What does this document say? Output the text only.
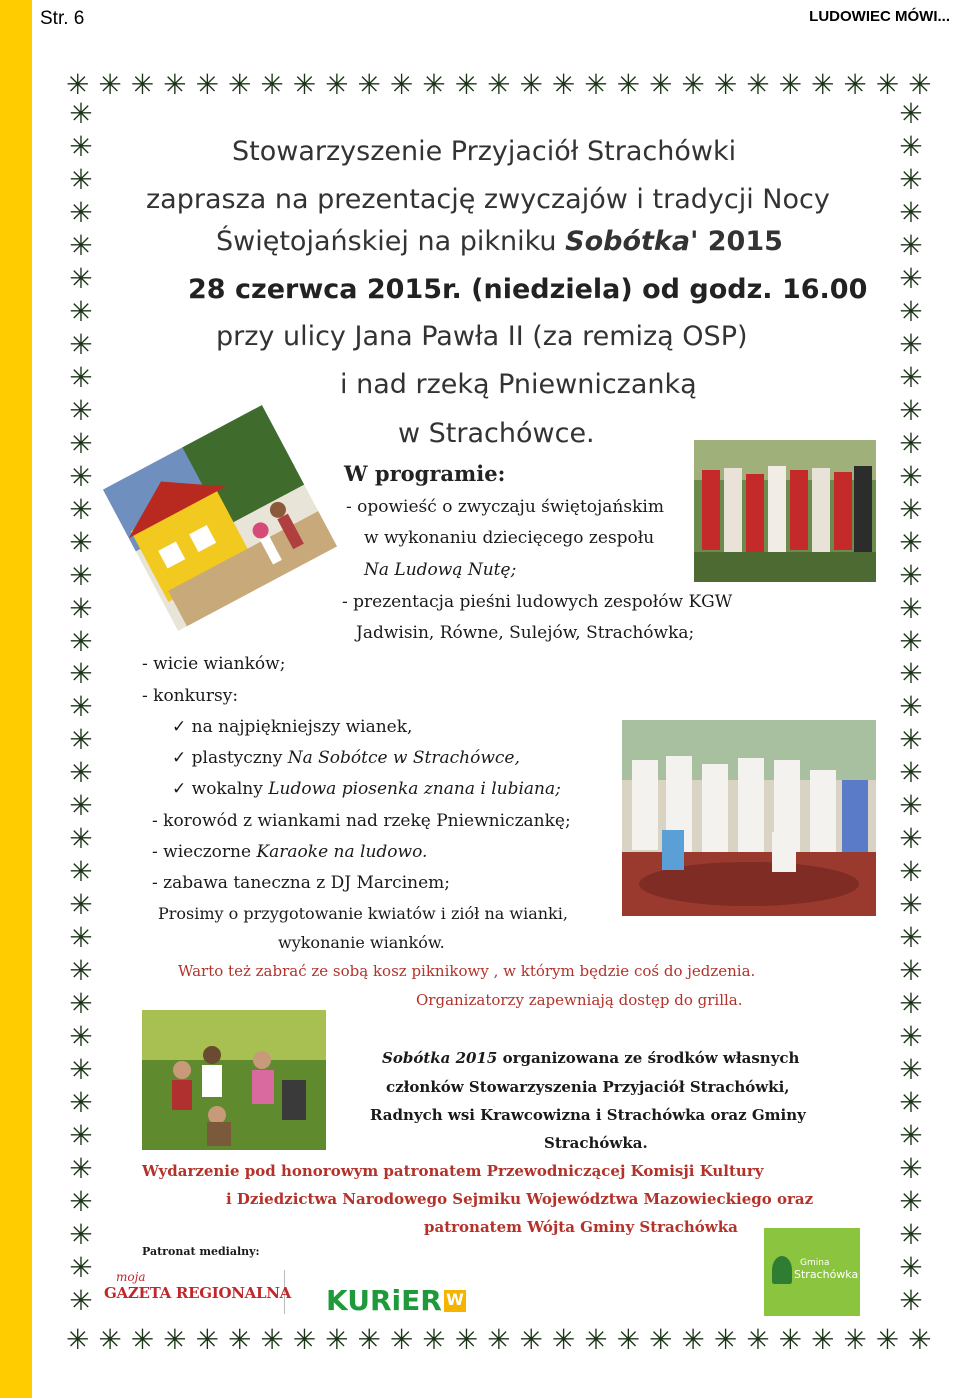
Str. 6	LUDOWIEC MÓWI...
✳ ✳ ✳ ✳ ✳ ✳ ✳ ✳ ✳ ✳ ✳ ✳ ✳ ✳ ✳ ✳ ✳ ✳ ✳ ✳ ✳ ✳ ✳ ✳ ✳ ✳ ✳
✳ ✳ ✳ ✳ ✳ ✳ ✳ ✳ ✳ ✳ ✳ ✳ ✳ ✳ ✳ ✳ ✳ ✳ ✳ ✳ ✳ ✳ ✳ ✳ ✳ ✳ ✳
✳
✳
✳
✳
✳
✳
✳
✳
✳
✳
✳
✳
✳
✳
✳
✳
✳
✳
✳
✳
✳
✳
✳
✳
✳
✳
✳
✳
✳
✳
✳
✳
✳
✳
✳
✳
✳
✳
✳
✳
✳
✳
✳
✳
✳
✳
✳
✳
✳
✳
✳
✳
✳
✳
✳
✳
✳
✳
✳
✳
✳
✳
✳
✳
✳
✳
✳
✳
✳
✳
✳
✳
✳
✳
Stowarzyszenie Przyjaciół Strachówki
zaprasza na prezentację zwyczajów i tradycji Nocy
Świętojańskiej na pikniku Sobótka' 2015
28 czerwca 2015r. (niedziela) od godz. 16.00
przy ulicy Jana Pawła II (za remizą OSP)
i nad rzeką Pniewniczanką
w Strachówce.
W programie:
- opowieść o zwyczaju świętojańskim
w wykonaniu dziecięcego zespołu
Na Ludową Nutę;
- prezentacja pieśni ludowych zespołów KGW
Jadwisin, Równe, Sulejów, Strachówka;
- wicie wianków;
- konkursy:
✓ na najpiękniejszy wianek,
✓ plastyczny Na Sobótce w Strachówce,
✓ wokalny Ludowa piosenka znana i lubiana;
- korowód z wiankami nad rzekę Pniewniczankę;
- wieczorne Karaoke na ludowo.
- zabawa taneczna z DJ Marcinem;
Prosimy o przygotowanie kwiatów i ziół na wianki,
wykonanie wianków.
Warto też zabrać ze sobą kosz piknikowy , w którym będzie coś do jedzenia.
Organizatorzy zapewniają dostęp do grilla.
Sobótka 2015 organizowana ze środków własnych
członków Stowarzyszenia Przyjaciół Strachówki,
Radnych wsi Krawcowizna i Strachówka oraz Gminy
Strachówka.
Wydarzenie pod honorowym patronatem Przewodniczącej Komisji Kultury
i Dziedzictwa Narodowego Sejmiku Województwa Mazowieckiego oraz
patronatem Wójta Gminy Strachówka
Patronat medialny:
moja
GAZETA REGIONALNA KURiER W
Gmina
Strachówka
